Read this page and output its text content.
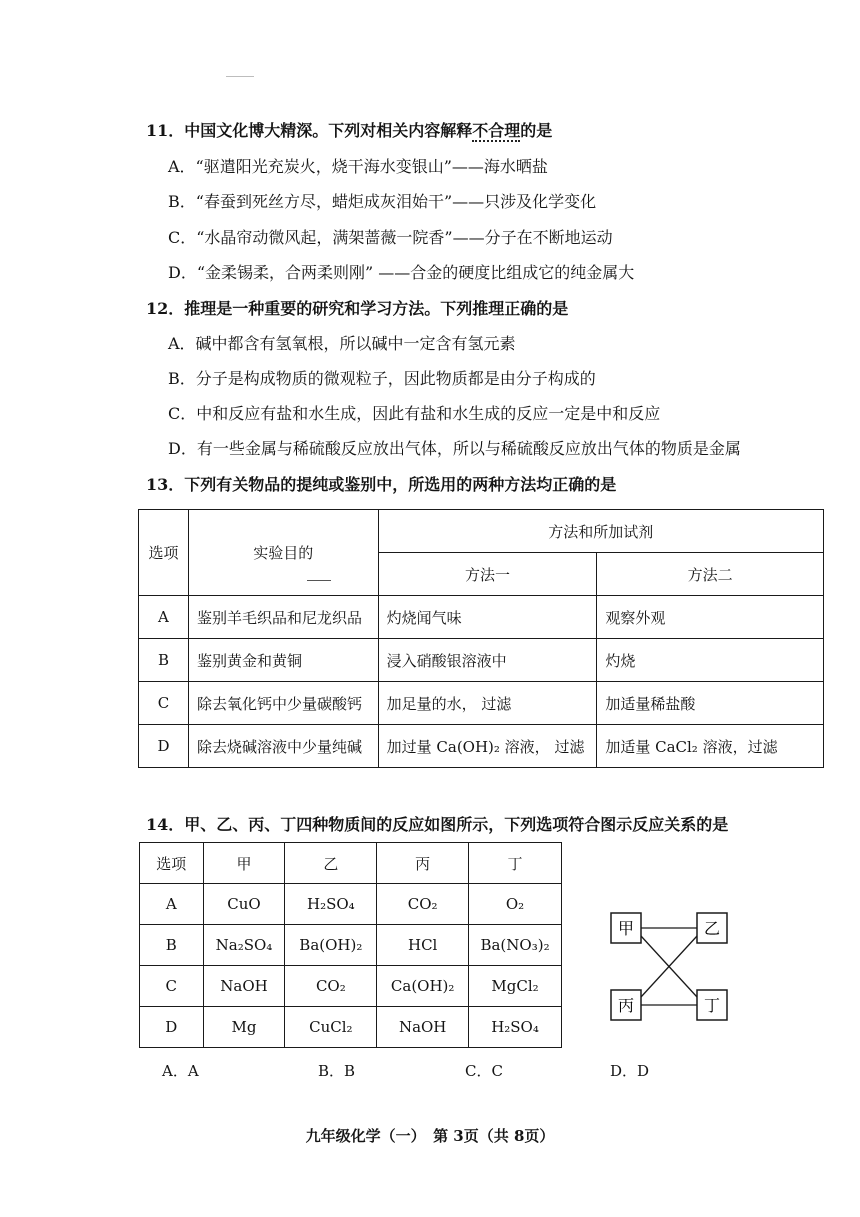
11．中国文化博大精深。下列对相关内容解释不合理的是
A．“驱遣阳光充炭火，烧干海水变银山”——海水晒盐
B．“春蚕到死丝方尽，蜡炬成灰泪始干”——只涉及化学变化
C．“水晶帘动微风起，满架蔷薇一院香”——分子在不断地运动
D．“金柔锡柔，合两柔则刚” ——合金的硬度比组成它的纯金属大
12．推理是一种重要的研究和学习方法。下列推理正确的是
A．碱中都含有氢氧根，所以碱中一定含有氢元素
B．分子是构成物质的微观粒子，因此物质都是由分子构成的
C．中和反应有盐和水生成，因此有盐和水生成的反应一定是中和反应
D．有一些金属与稀硫酸反应放出气体，所以与稀硫酸反应放出气体的物质是金属
13．下列有关物品的提纯或鉴别中，所选用的两种方法均正确的是
选项	实验目的	方法和所加试剂	
		方法一	方法二
A	鉴别羊毛织品和尼龙织品	灼烧闻气味	观察外观
B	鉴别黄金和黄铜	浸入硝酸银溶液中	灼烧
C	除去氧化钙中少量碳酸钙	加足量的水， 过滤	加适量稀盐酸
D	除去烧碱溶液中少量纯碱	加过量 Ca(OH)₂ 溶液， 过滤	加适量 CaCl₂ 溶液，过滤
14．甲、乙、丙、丁四种物质间的反应如图所示，下列选项符合图示反应关系的是
选项	甲	乙	丙	丁
A	CuO	H₂SO₄	CO₂	O₂
B	Na₂SO₄	Ba(OH)₂	HCl	Ba(NO₃)₂
C	NaOH	CO₂	Ca(OH)₂	MgCl₂
D	Mg	CuCl₂	NaOH	H₂SO₄
甲	乙
丙	丁
A．A	B．B	C．C	D．D
九年级化学（一）　第 3页（共 8页）
